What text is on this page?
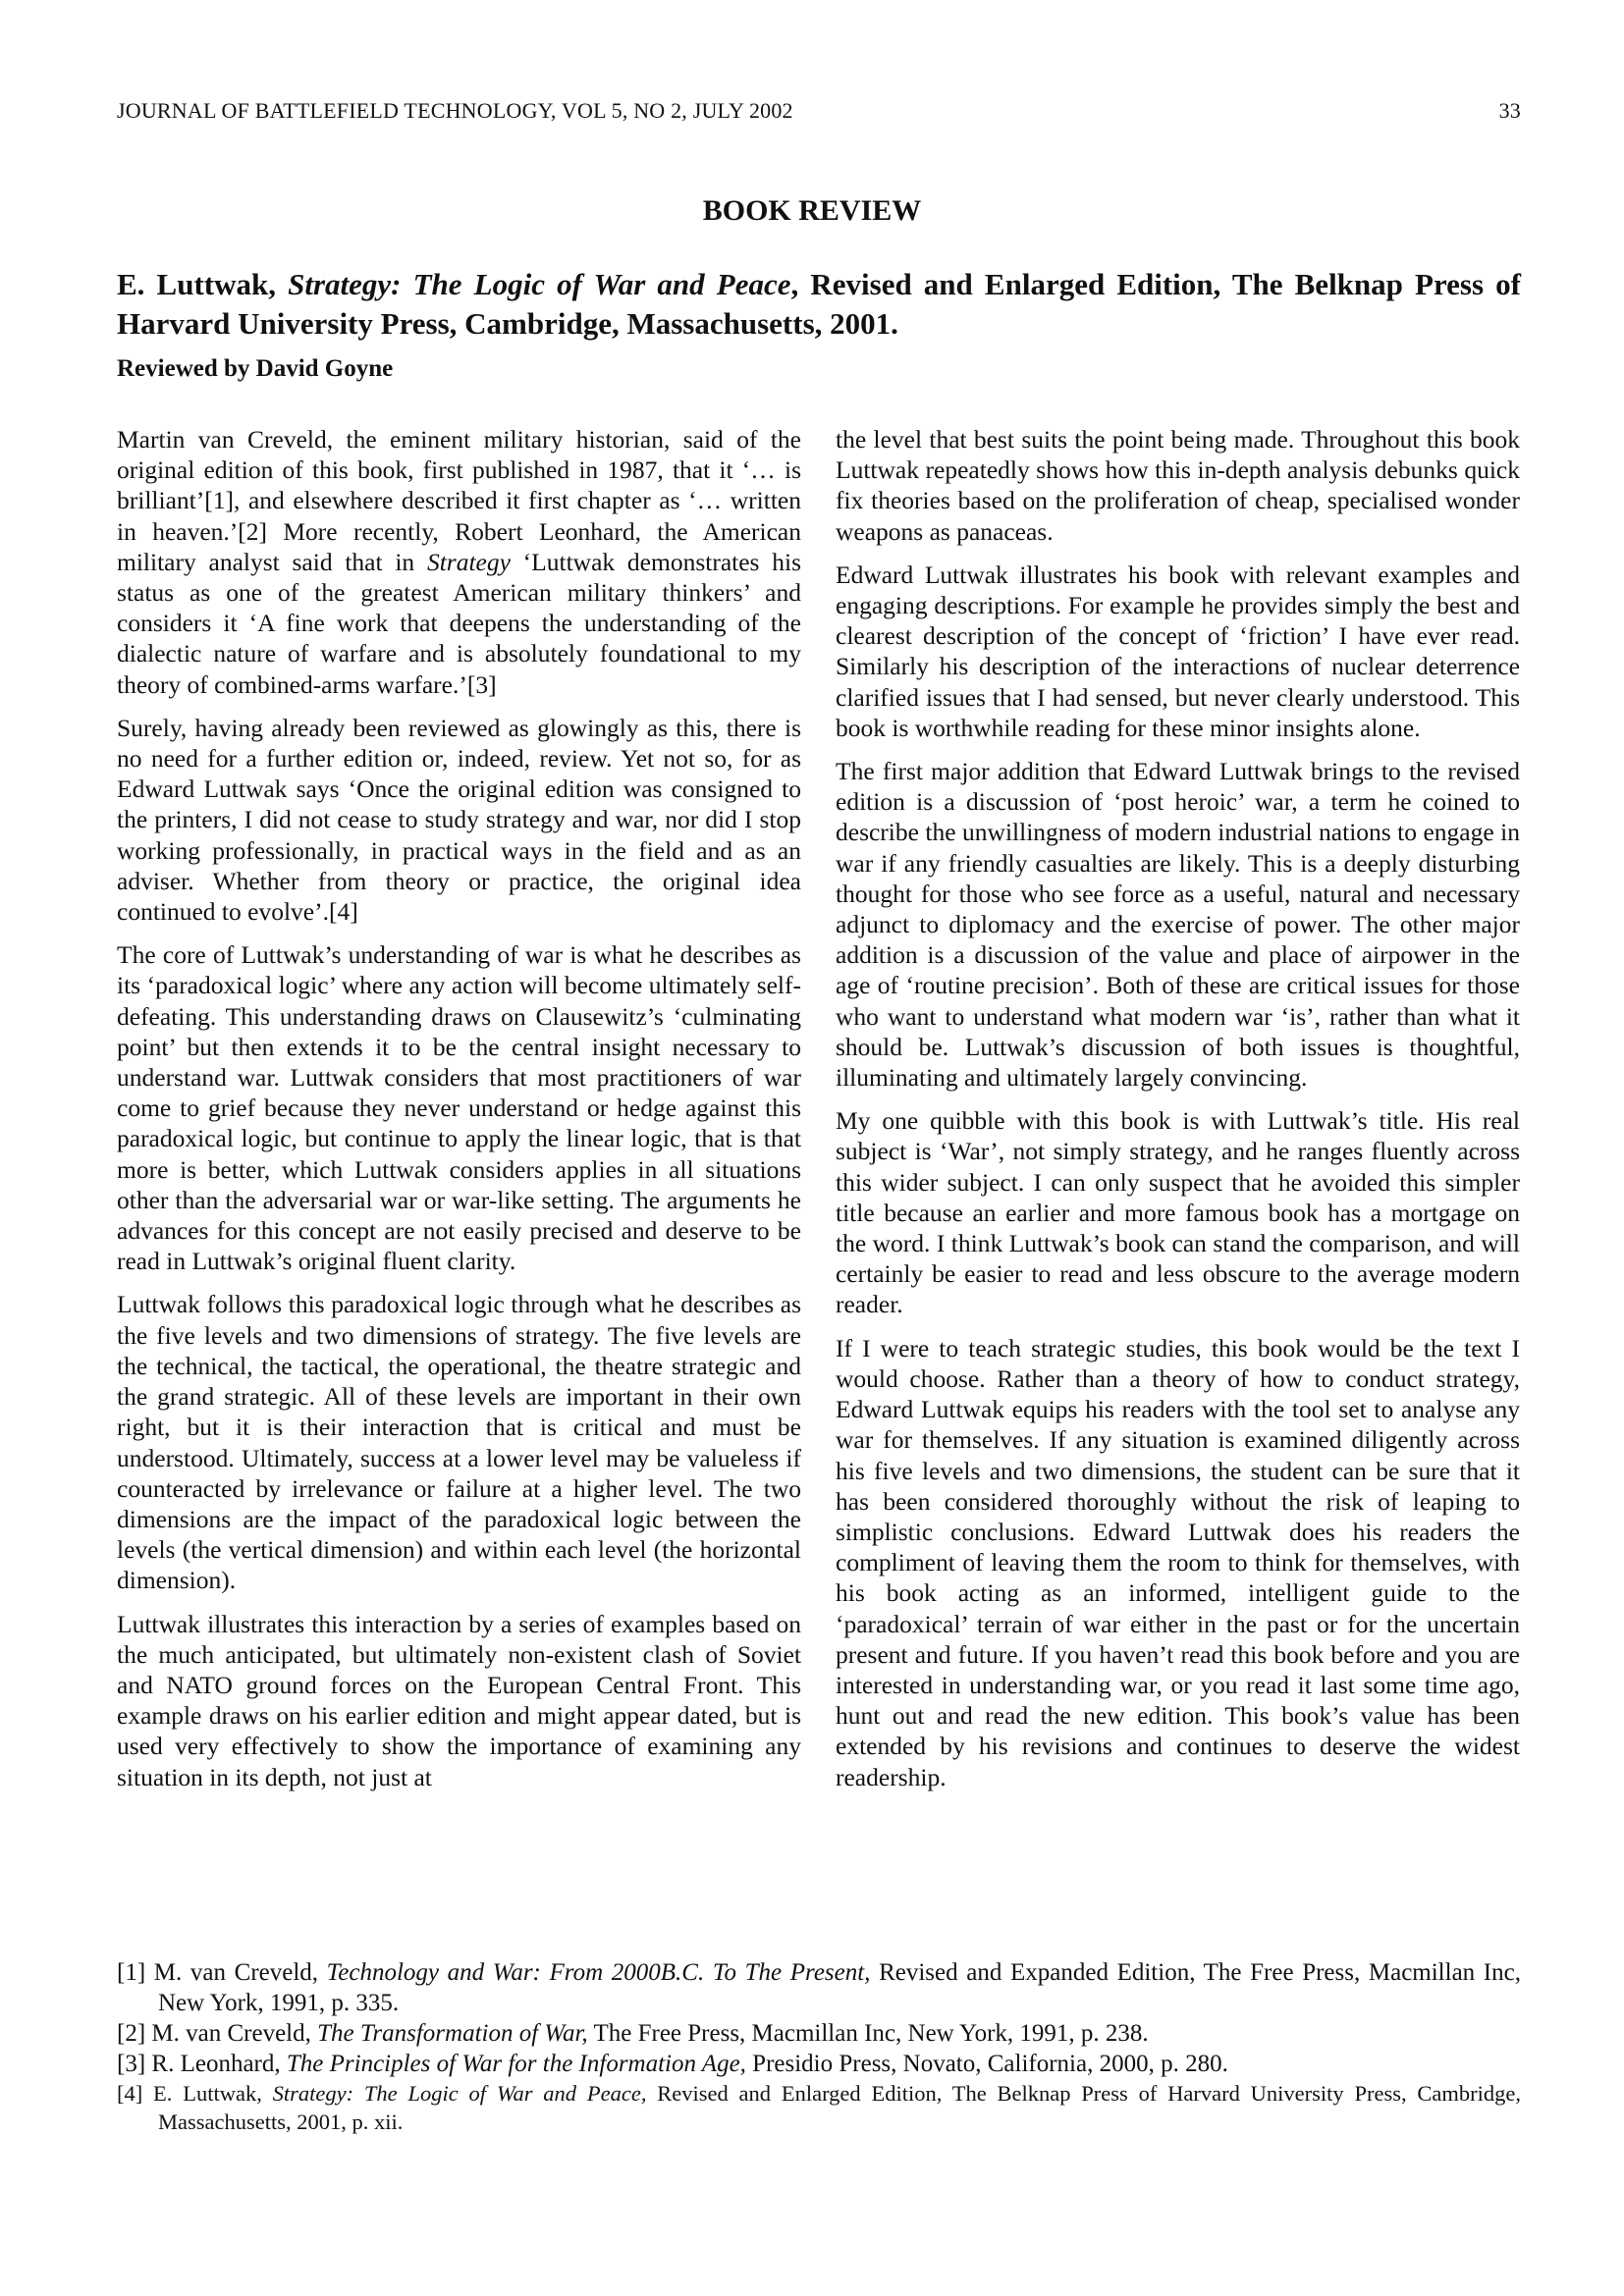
JOURNAL OF BATTLEFIELD TECHNOLOGY, VOL 5, NO 2, JULY 2002	33
BOOK REVIEW
E. Luttwak, Strategy: The Logic of War and Peace, Revised and Enlarged Edition, The Belknap Press of Harvard University Press, Cambridge, Massachusetts, 2001.
Reviewed by David Goyne

Martin van Creveld, the eminent military historian, said of the original edition of this book, first published in 1987, that it ‘… is brilliant’[1], and elsewhere described it first chapter as ‘… written in heaven.’[2] More recently, Robert Leonhard, the American military analyst said that in Strategy ‘Luttwak demonstrates his status as one of the greatest American military thinkers’ and considers it ‘A fine work that deepens the understanding of the dialectic nature of warfare and is absolutely foundational to my theory of combined-arms warfare.’[3]

Surely, having already been reviewed as glowingly as this, there is no need for a further edition or, indeed, review. Yet not so, for as Edward Luttwak says ‘Once the original edition was consigned to the printers, I did not cease to study strategy and war, nor did I stop working professionally, in practical ways in the field and as an adviser. Whether from theory or practice, the original idea continued to evolve’.[4]

The core of Luttwak’s understanding of war is what he describes as its ‘paradoxical logic’ where any action will become ultimately self-defeating. This understanding draws on Clausewitz’s ‘culminating point’ but then extends it to be the central insight necessary to understand war. Luttwak considers that most practitioners of war come to grief because they never understand or hedge against this paradoxical logic, but continue to apply the linear logic, that is that more is better, which Luttwak considers applies in all situations other than the adversarial war or war-like setting. The arguments he advances for this concept are not easily precised and deserve to be read in Luttwak’s original fluent clarity.

Luttwak follows this paradoxical logic through what he describes as the five levels and two dimensions of strategy. The five levels are the technical, the tactical, the operational, the theatre strategic and the grand strategic. All of these levels are important in their own right, but it is their interaction that is critical and must be understood. Ultimately, success at a lower level may be valueless if counteracted by irrelevance or failure at a higher level. The two dimensions are the impact of the paradoxical logic between the levels (the vertical dimension) and within each level (the horizontal dimension).

Luttwak illustrates this interaction by a series of examples based on the much anticipated, but ultimately non-existent clash of Soviet and NATO ground forces on the European Central Front. This example draws on his earlier edition and might appear dated, but is used very effectively to show the importance of examining any situation in its depth, not just at

the level that best suits the point being made. Throughout this book Luttwak repeatedly shows how this in-depth analysis debunks quick fix theories based on the proliferation of cheap, specialised wonder weapons as panaceas.

Edward Luttwak illustrates his book with relevant examples and engaging descriptions. For example he provides simply the best and clearest description of the concept of ‘friction’ I have ever read. Similarly his description of the interactions of nuclear deterrence clarified issues that I had sensed, but never clearly understood. This book is worthwhile reading for these minor insights alone.

The first major addition that Edward Luttwak brings to the revised edition is a discussion of ‘post heroic’ war, a term he coined to describe the unwillingness of modern industrial nations to engage in war if any friendly casualties are likely. This is a deeply disturbing thought for those who see force as a useful, natural and necessary adjunct to diplomacy and the exercise of power. The other major addition is a discussion of the value and place of airpower in the age of ‘routine precision’. Both of these are critical issues for those who want to understand what modern war ‘is’, rather than what it should be. Luttwak’s discussion of both issues is thoughtful, illuminating and ultimately largely convincing.

My one quibble with this book is with Luttwak’s title. His real subject is ‘War’, not simply strategy, and he ranges fluently across this wider subject. I can only suspect that he avoided this simpler title because an earlier and more famous book has a mortgage on the word. I think Luttwak’s book can stand the comparison, and will certainly be easier to read and less obscure to the average modern reader.

If I were to teach strategic studies, this book would be the text I would choose. Rather than a theory of how to conduct strategy, Edward Luttwak equips his readers with the tool set to analyse any war for themselves. If any situation is examined diligently across his five levels and two dimensions, the student can be sure that it has been considered thoroughly without the risk of leaping to simplistic conclusions. Edward Luttwak does his readers the compliment of leaving them the room to think for themselves, with his book acting as an informed, intelligent guide to the ‘paradoxical’ terrain of war either in the past or for the uncertain present and future. If you haven’t read this book before and you are interested in understanding war, or you read it last some time ago, hunt out and read the new edition. This book’s value has been extended by his revisions and continues to deserve the widest readership.

[1] M. van Creveld, Technology and War: From 2000B.C. To The Present, Revised and Expanded Edition, The Free Press, Macmillan Inc, New York, 1991, p. 335.

[2] M. van Creveld, The Transformation of War, The Free Press, Macmillan Inc, New York, 1991, p. 238.

[3] R. Leonhard, The Principles of War for the Information Age, Presidio Press, Novato, California, 2000, p. 280.

[4] E. Luttwak, Strategy: The Logic of War and Peace, Revised and Enlarged Edition, The Belknap Press of Harvard University Press, Cambridge, Massachusetts, 2001, p. xii.
